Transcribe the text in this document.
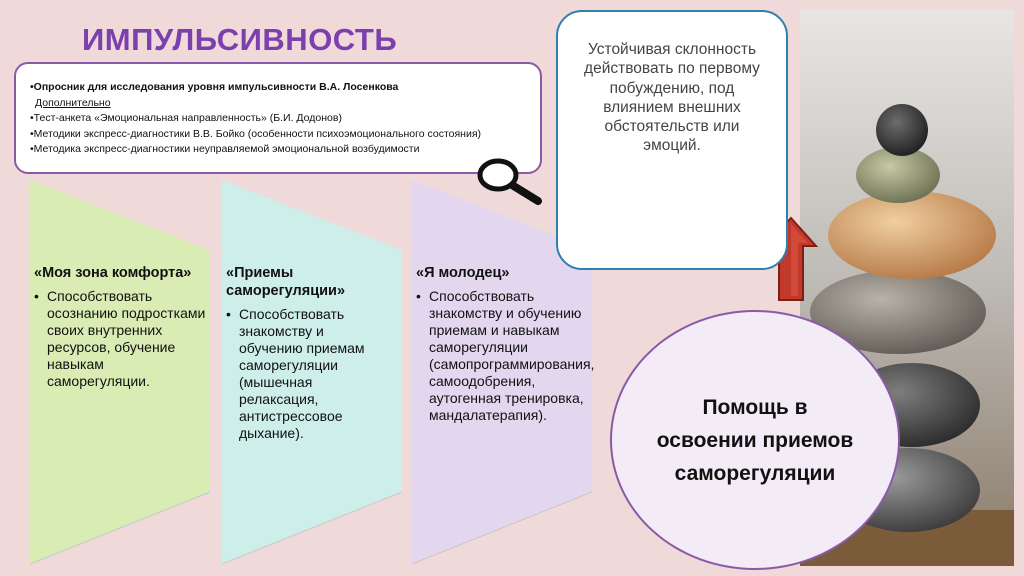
ИМПУЛЬСИВНОСТЬ
«Моя зона комфорта»
• Способствовать осознанию подростками своих внутренних ресурсов, обучение навыкам саморегуляции.
«Приемы саморегуляции»
• Способствовать знакомству и обучению приемам саморегуляции (мышечная релаксация, антистрессовое дыхание).
«Я молодец»
• Способствовать знакомству и обучению приемам и навыкам саморегуляции (самопрограммирования, самоодобрения, аутогенная тренировка, мандалатерапия).
•Опросник для исследования уровня импульсивности В.А. Лосенкова
Дополнительно
•Тест-анкета «Эмоциональная направленность» (Б.И. Додонов)
•Методики экспресс-диагностики В.В. Бойко (особенности психоэмоционального состояния)
•Методика экспресс-диагностики неуправляемой эмоциональной возбудимости
Устойчивая склонность действовать по первому побуждению, под влиянием внешних обстоятельств или эмоций.
Помощь в освоении приемов саморегуляции
